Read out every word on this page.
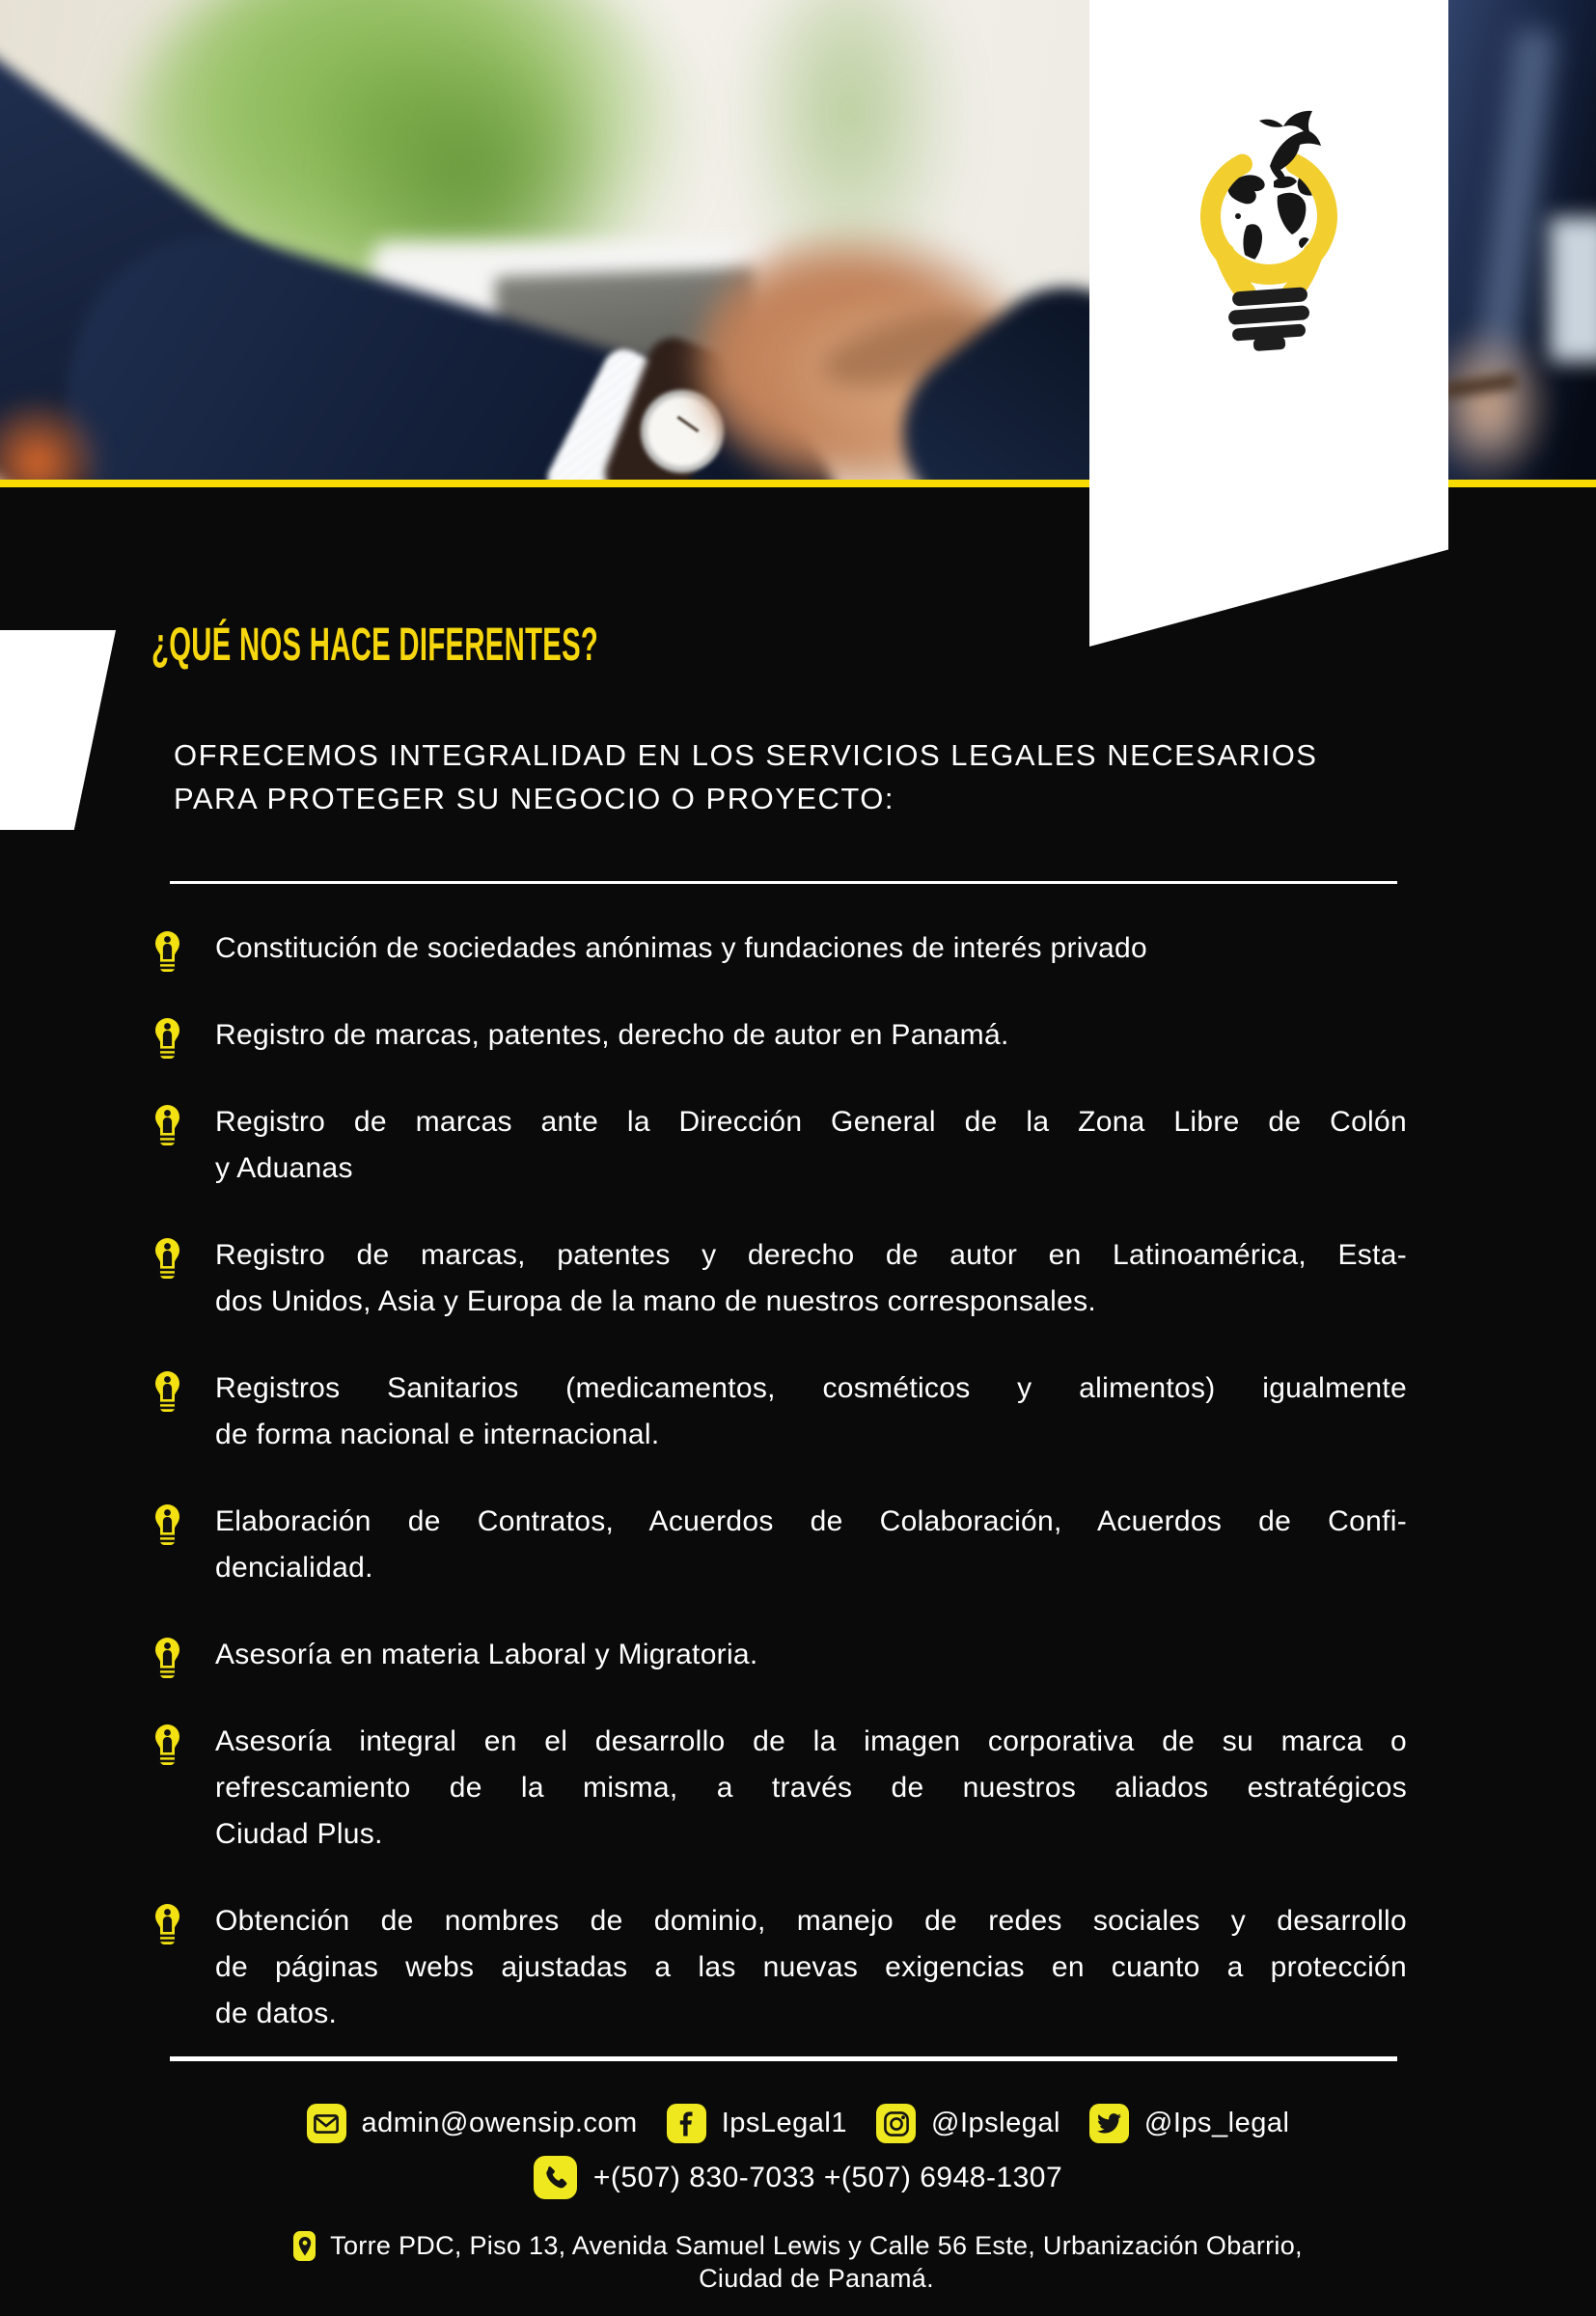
¿QUÉ NOS HACE DIFERENTES?
OFRECEMOS INTEGRALIDAD EN LOS SERVICIOS LEGALES NECESARIOS
PARA PROTEGER SU NEGOCIO O PROYECTO:
Constitución de sociedades anónimas y fundaciones de interés privado
Registro de marcas, patentes, derecho de autor en Panamá.
Registro de marcas ante la Dirección General de la Zona Libre de Colón
y Aduanas
Registro de marcas, patentes y derecho de autor en Latinoamérica, Esta-
dos Unidos, Asia y Europa de la mano de nuestros corresponsales.
Registros Sanitarios (medicamentos, cosméticos y alimentos) igualmente
de forma nacional e internacional.
Elaboración de Contratos, Acuerdos de Colaboración, Acuerdos de Confi-
dencialidad.
Asesoría en materia Laboral y Migratoria.
Asesoría integral en el desarrollo de la imagen corporativa de su marca o
refrescamiento de la misma, a través de nuestros aliados estratégicos
Ciudad Plus.
Obtención de nombres de dominio, manejo de redes sociales y desarrollo
de páginas webs ajustadas a las nuevas exigencias en cuanto a protección
de datos.
admin@owensip.com	IpsLegal1	@Ipslegal	@Ips_legal
+(507) 830-7033 +(507) 6948-1307
Torre PDC, Piso 13, Avenida Samuel Lewis y Calle 56 Este, Urbanización Obarrio,
Ciudad de Panamá.
